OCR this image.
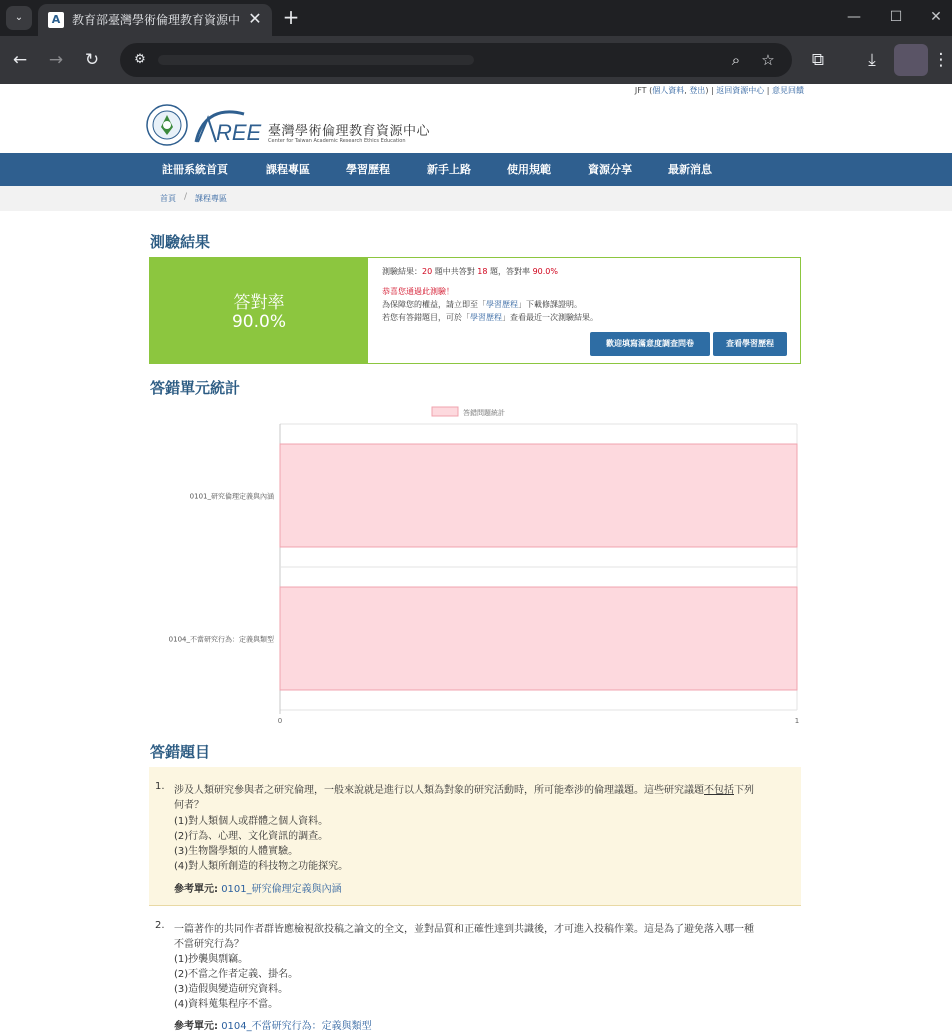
⌄	A 教育部臺灣學術倫理教育資源中 ✕ +	—	☐	✕
← → ↻	⚙	⌕	☆	⧉	⤓	⋮
JFT (個人資料, 登出) | 返回資源中心 | 意見回饋
REE 臺灣學術倫理教育資源中心
Center for Taiwan Academic Research Ethics Education
註冊系統首頁	課程專區	學習歷程	新手上路	使用規範	資源分享	最新消息
首頁 / 課程專區
測驗結果
答對率
90.0%
測驗結果：20 題中共答對 18 題，答對率 90.0%
恭喜您通過此測驗！
為保障您的權益，請立即至「學習歷程」下載修課證明。
若您有答錯題目，可於「學習歷程」查看最近一次測驗結果。
歡迎填寫滿意度調查問卷	查看學習歷程
答錯單元統計
答錯問題統計
0101_研究倫理定義與內涵
0104_不當研究行為：定義與類型
0	1
答錯題目
1. 涉及人類研究參與者之研究倫理，一般來說就是進行以人類為對象的研究活動時，所可能牽涉的倫理議題。這些研究議題不包括下列
何者？
(1)對人類個人或群體之個人資料。
(2)行為、心理、文化資訊的調查。
(3)生物醫學類的人體實驗。
(4)對人類所創造的科技物之功能探究。
參考單元: 0101_研究倫理定義與內涵
2. 一篇著作的共同作者群皆應檢視欲投稿之論文的全文，並對品質和正確性達到共識後，才可進入投稿作業。這是為了避免落入哪一種
不當研究行為？
(1)抄襲與剽竊。
(2)不當之作者定義、掛名。
(3)造假與變造研究資料。
(4)資料蒐集程序不當。
參考單元: 0104_不當研究行為：定義與類型
